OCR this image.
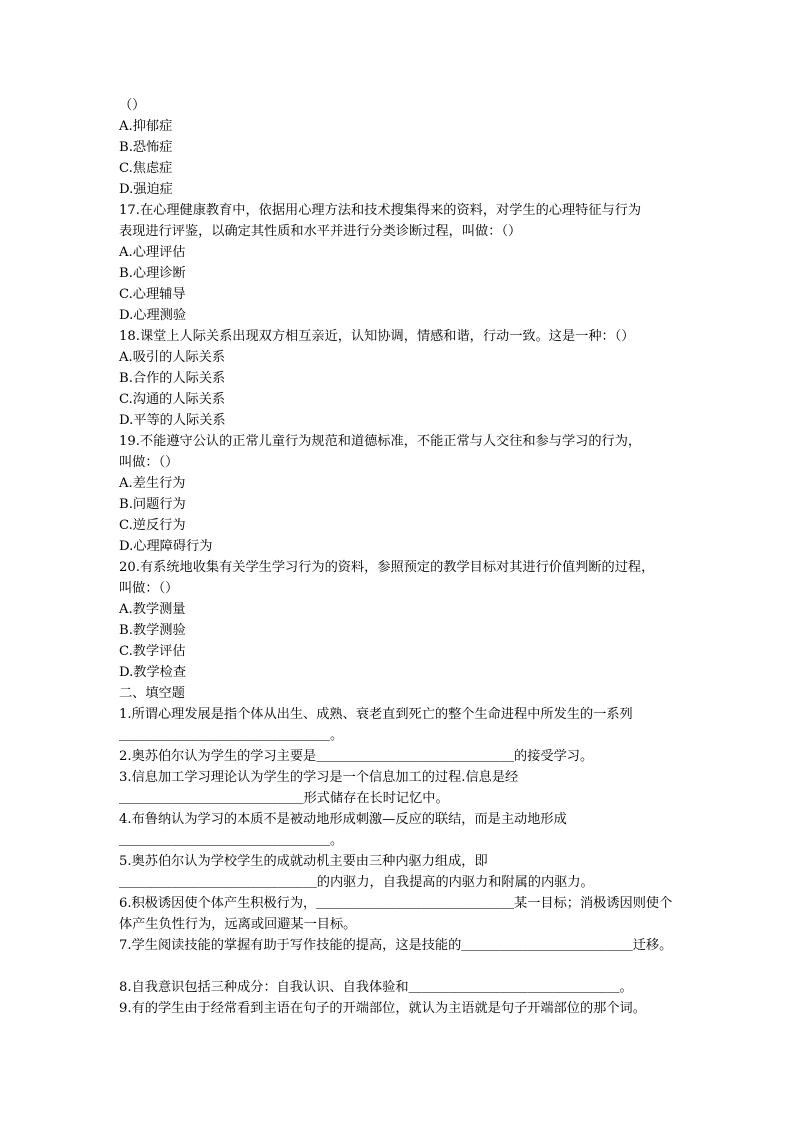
（）
A.抑郁症
B.恐怖症
C.焦虑症
D.强迫症
17.在心理健康教育中，依据用心理方法和技术搜集得来的资料，对学生的心理特征与行为
表现进行评鉴，以确定其性质和水平并进行分类诊断过程，叫做：（）
A.心理评估
B.心理诊断
C.心理辅导
D.心理测验
18.课堂上人际关系出现双方相互亲近，认知协调，情感和谐，行动一致。这是一种：（）
A.吸引的人际关系
B.合作的人际关系
C.沟通的人际关系
D.平等的人际关系
19.不能遵守公认的正常儿童行为规范和道德标准，不能正常与人交往和参与学习的行为，
叫做：（）
A.差生行为
B.问题行为
C.逆反行为
D.心理障碍行为
20.有系统地收集有关学生学习行为的资料，参照预定的教学目标对其进行价值判断的过程，
叫做：（）
A.教学测量
B.教学测验
C.教学评估
D.教学检查
二、填空题
1.所谓心理发展是指个体从出生、成熟、衰老直到死亡的整个生命进程中所发生的一系列
＿＿＿＿＿＿＿＿＿＿＿＿＿＿＿＿。
2.奥苏伯尔认为学生的学习主要是＿＿＿＿＿＿＿＿＿＿＿＿＿＿＿的接受学习。
3.信息加工学习理论认为学生的学习是一个信息加工的过程.信息是经
＿＿＿＿＿＿＿＿＿＿＿＿＿＿形式储存在长时记忆中。
4.布鲁纳认为学习的本质不是被动地形成刺激—反应的联结，而是主动地形成
＿＿＿＿＿＿＿＿＿＿＿＿＿＿＿＿。
5.奥苏伯尔认为学校学生的成就动机主要由三种内驱力组成，即
＿＿＿＿＿＿＿＿＿＿＿＿＿＿＿的内驱力，自我提高的内驱力和附属的内驱力。
6.积极诱因使个体产生积极行为，＿＿＿＿＿＿＿＿＿＿＿＿＿＿＿某一目标；消极诱因则使个
体产生负性行为，远离或回避某一目标。
7.学生阅读技能的掌握有助于写作技能的提高，这是技能的＿＿＿＿＿＿＿＿＿＿＿＿＿迁移。
8.自我意识包括三种成分：自我认识、自我体验和＿＿＿＿＿＿＿＿＿＿＿＿＿＿＿＿。
9.有的学生由于经常看到主语在句子的开端部位，就认为主语就是句子开端部位的那个词。
